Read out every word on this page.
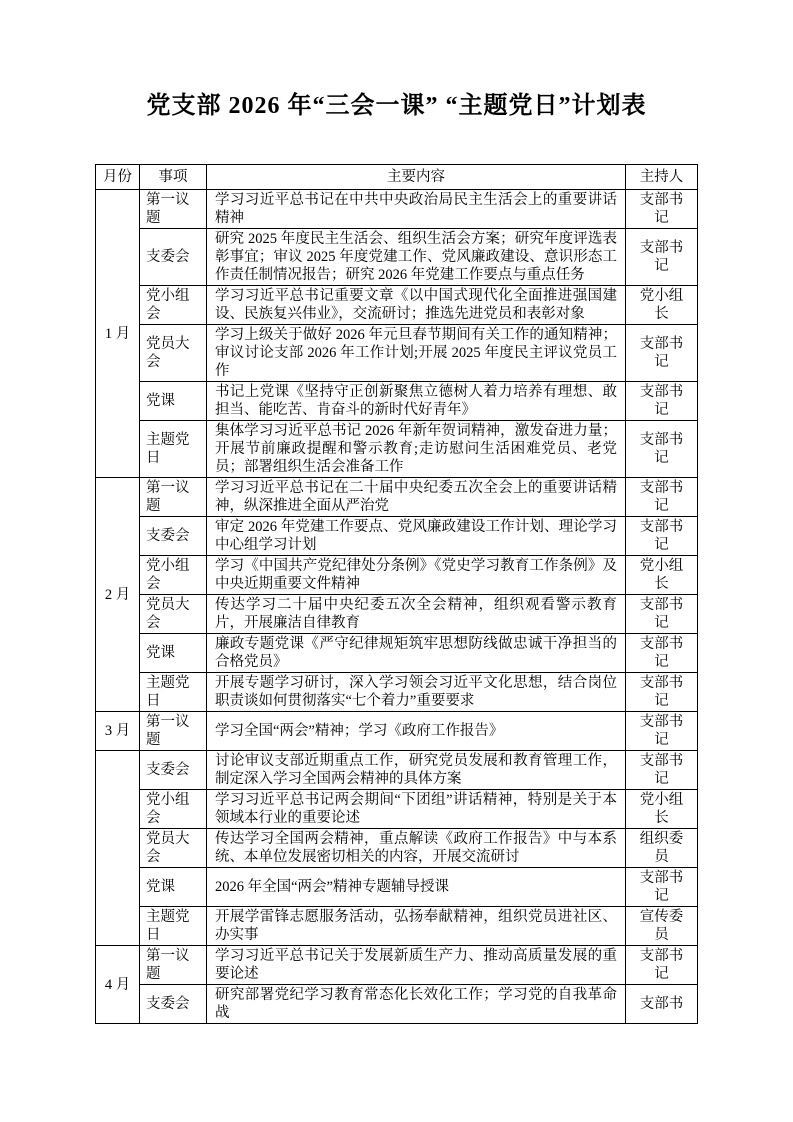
党支部 2026 年“三会一课” “主题党日”计划表
月份	事项	主要内容	主持人
1 月	第一议题	学习习近平总书记在中共中央政治局民主生活会上的重要讲话精神	支部书记
	支委会	研究 2025 年度民主生活会、组织生活会方案；研究年度评选表彰事宜；审议 2025 年度党建工作、党风廉政建设、意识形态工作责任制情况报告；研究 2026 年党建工作要点与重点任务	支部书记
	党小组会	学习习近平总书记重要文章《以中国式现代化全面推进强国建设、民族复兴伟业》，交流研讨；推选先进党员和表彰对象	党小组长
	党员大会	学习上级关于做好 2026 年元旦春节期间有关工作的通知精神；审议讨论支部 2026 年工作计划;开展 2025 年度民主评议党员工作	支部书记
	党课	书记上党课《坚持守正创新聚焦立德树人着力培养有理想、敢担当、能吃苦、肯奋斗的新时代好青年》	支部书记
	主题党日	集体学习习近平总书记 2026 年新年贺词精神，激发奋进力量；开展节前廉政提醒和警示教育;走访慰问生活困难党员、老党员；部署组织生活会准备工作	支部书记
2 月	第一议题	学习习近平总书记在二十届中央纪委五次全会上的重要讲话精神，纵深推进全面从严治党	支部书记
	支委会	审定 2026 年党建工作要点、党风廉政建设工作计划、理论学习中心组学习计划	支部书记
	党小组会	学习《中国共产党纪律处分条例》《党史学习教育工作条例》及中央近期重要文件精神	党小组长
	党员大会	传达学习二十届中央纪委五次全会精神，组织观看警示教育片，开展廉洁自律教育	支部书记
	党课	廉政专题党课《严守纪律规矩筑牢思想防线做忠诚干净担当的合格党员》	支部书记
	主题党日	开展专题学习研讨，深入学习领会习近平文化思想，结合岗位职责谈如何贯彻落实“七个着力”重要要求	支部书记
3 月	第一议题	学习全国“两会”精神；学习《政府工作报告》	支部书记
	支委会	讨论审议支部近期重点工作，研究党员发展和教育管理工作，制定深入学习全国两会精神的具体方案	支部书记
	党小组会	学习习近平总书记两会期间“下团组”讲话精神，特别是关于本领域本行业的重要论述	党小组长
	党员大会	传达学习全国两会精神，重点解读《政府工作报告》中与本系统、本单位发展密切相关的内容，开展交流研讨	组织委员
	党课	2026 年全国“两会”精神专题辅导授课	支部书记
	主题党日	开展学雷锋志愿服务活动，弘扬奉献精神，组织党员进社区、办实事	宣传委员
4 月	第一议题	学习习近平总书记关于发展新质生产力、推动高质量发展的重要论述	支部书记
	支委会	研究部署党纪学习教育常态化长效化工作；学习党的自我革命战	支部书
